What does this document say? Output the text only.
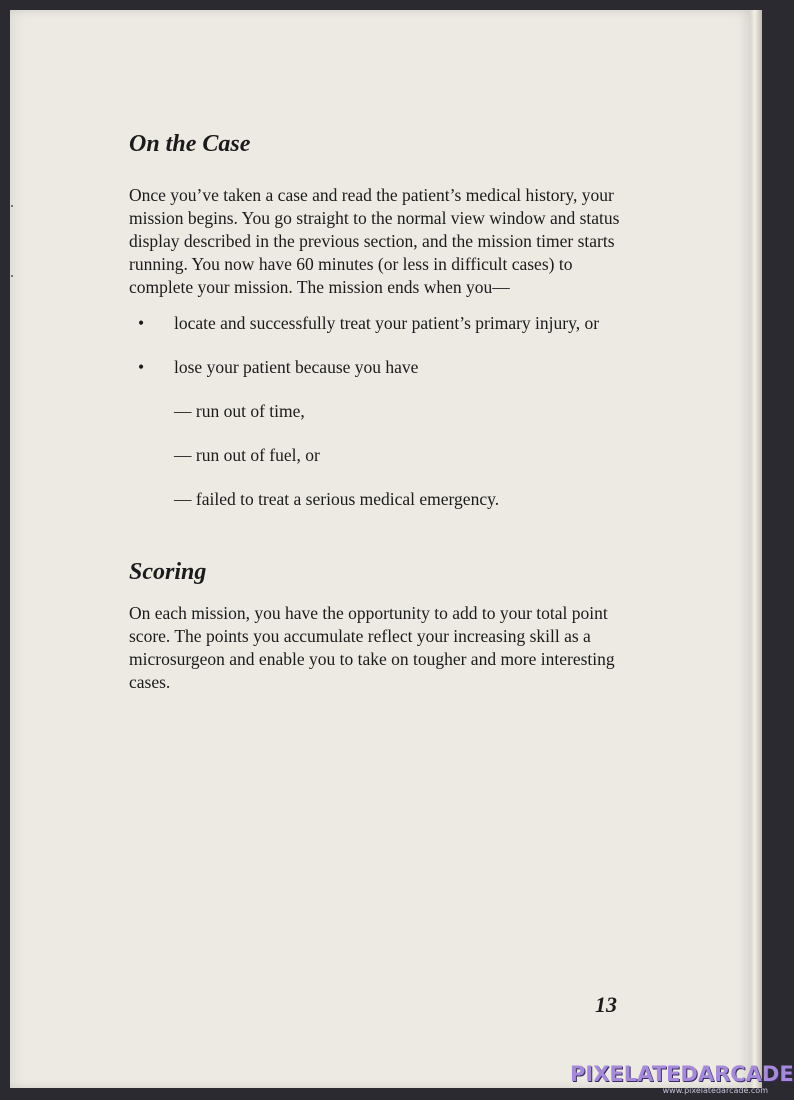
On the Case

Once you’ve taken a case and read the patient’s medical history, your mission begins. You go straight to the normal view window and status display described in the previous section, and the mission timer starts running. You now have 60 minutes (or less in difficult cases) to complete your mission. The mission ends when you—

• locate and successfully treat your patient’s primary injury, or
• lose your patient because you have

— run out of time,

— run out of fuel, or

— failed to treat a serious medical emergency.

Scoring

On each mission, you have the opportunity to add to your total point score. The points you accumulate reflect your increasing skill as a microsurgeon and enable you to take on tougher and more interesting cases.

13
PIXELATEDARCADE
www.pixelatedarcade.com
